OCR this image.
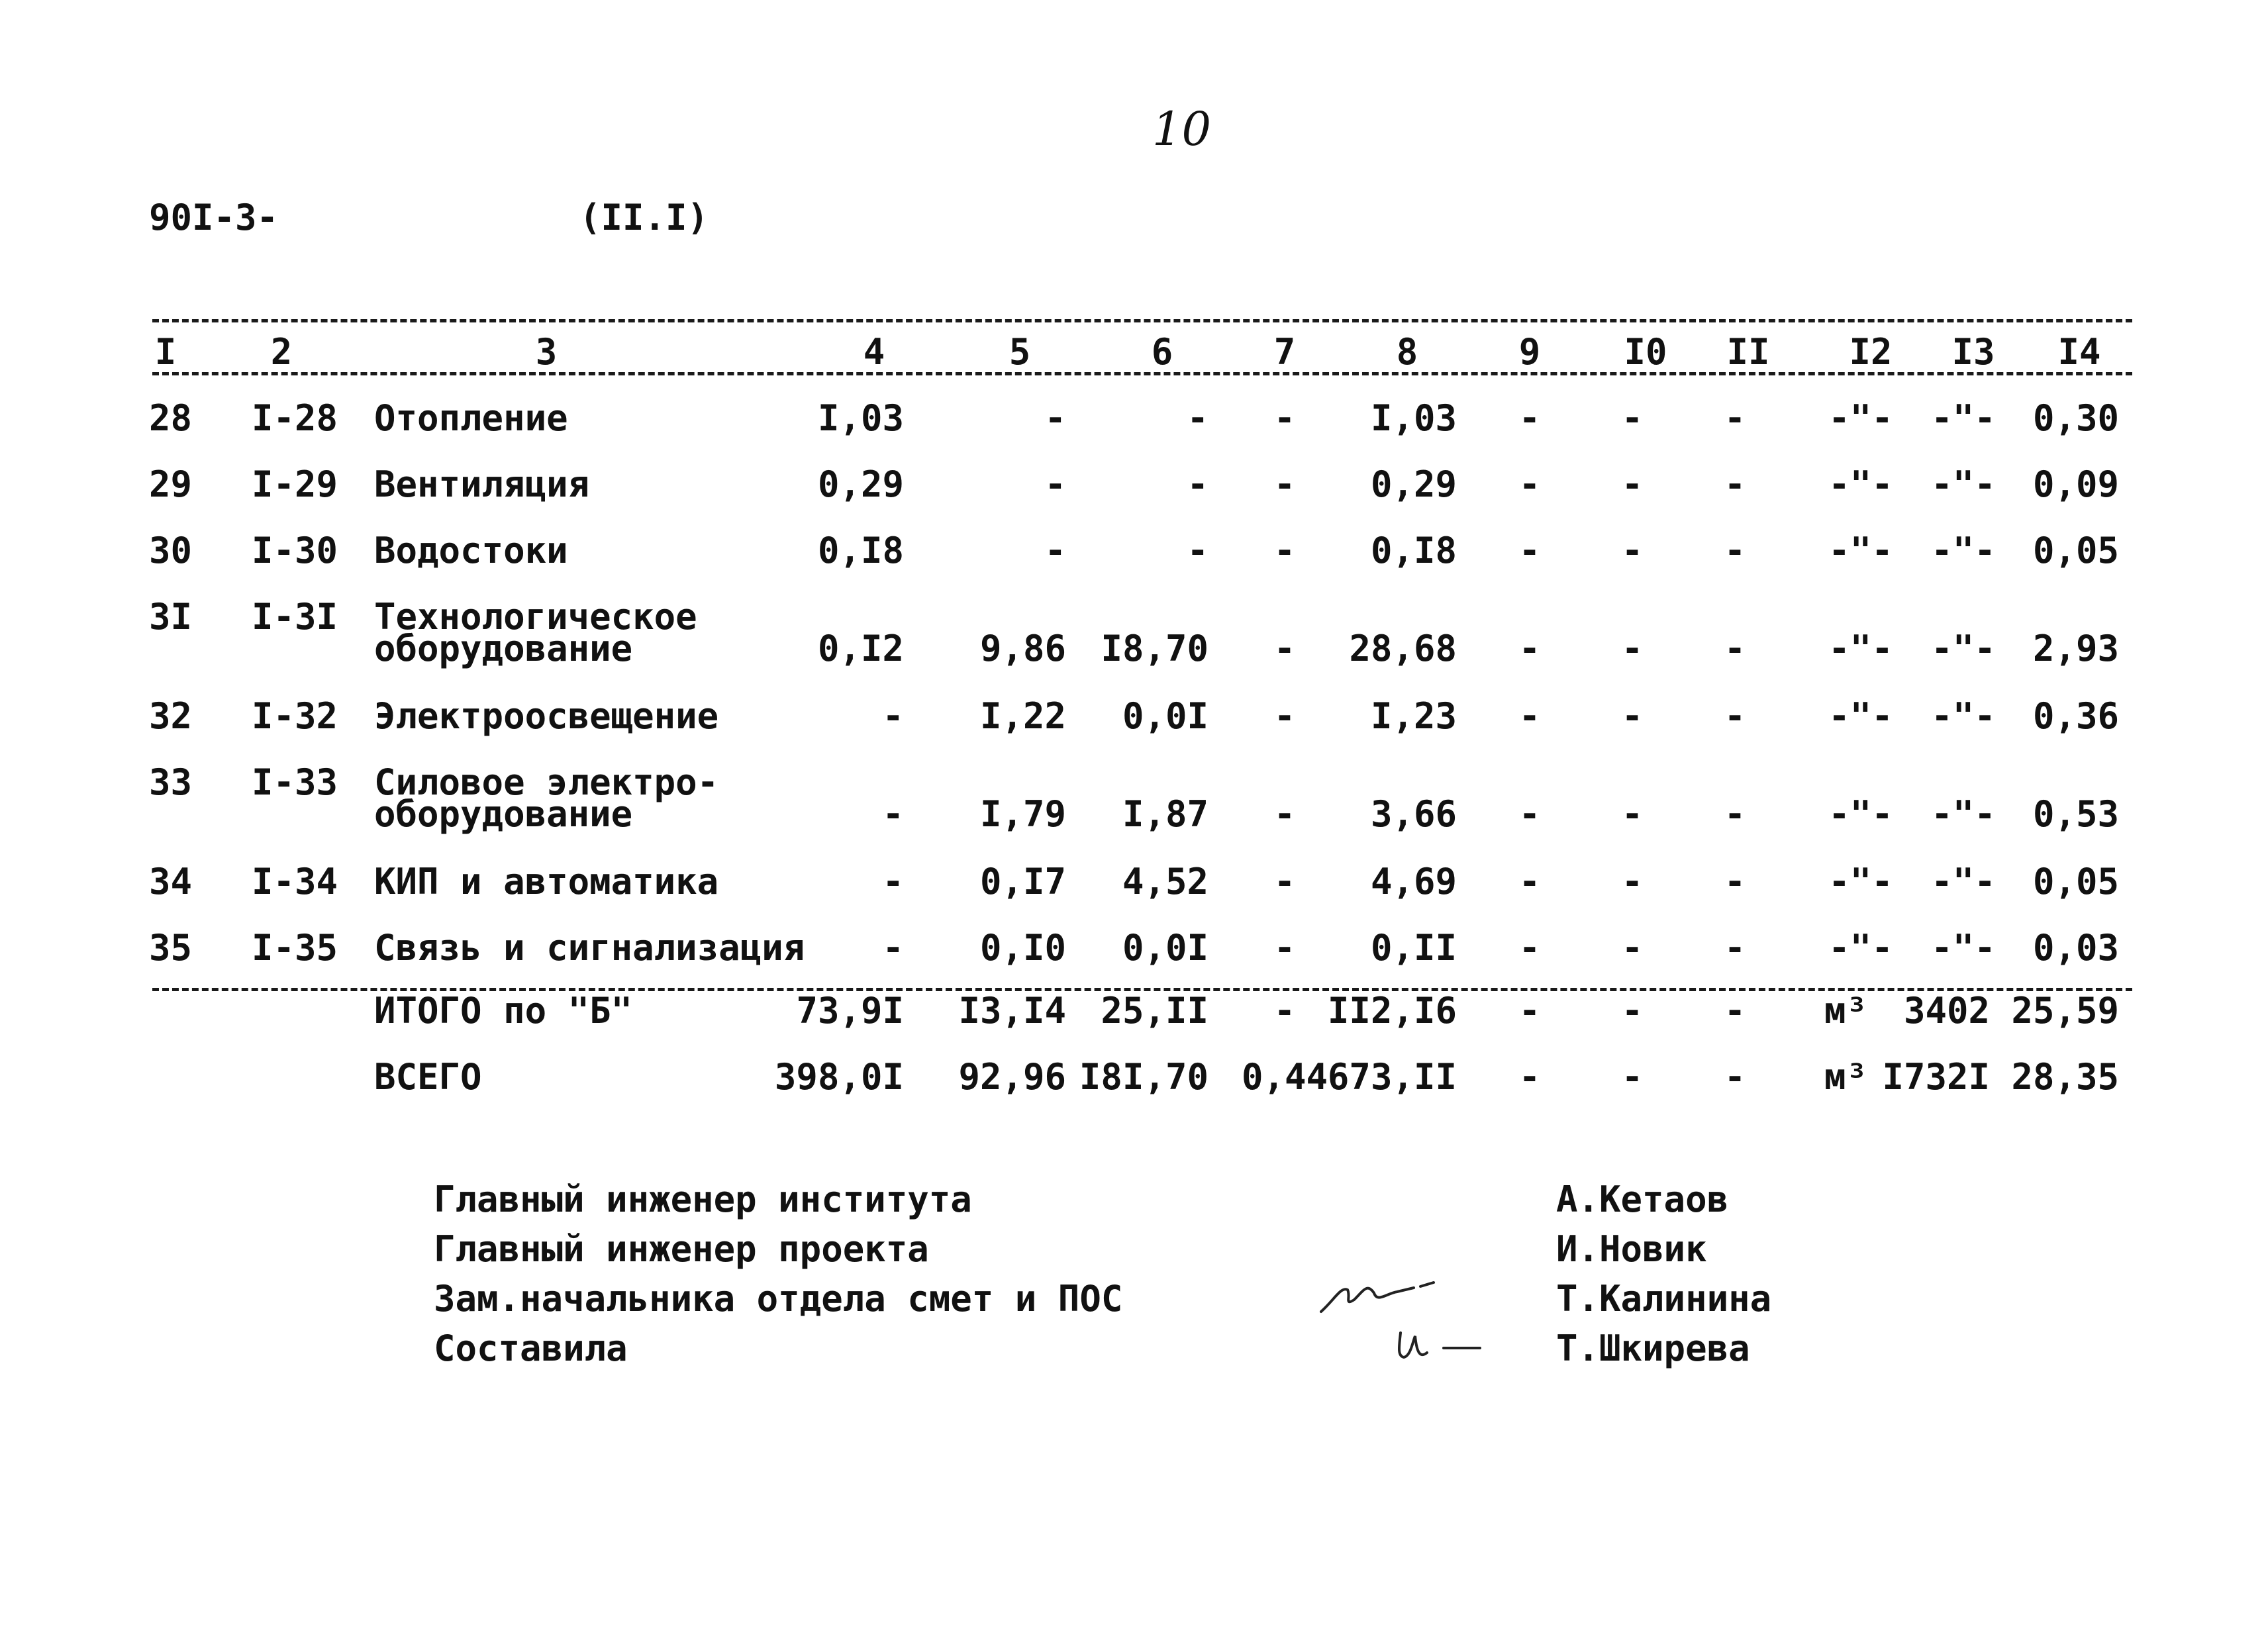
10
90I-3-	(II.I)
I	2	3	4	5	6	7	8	9 I0 II I2 I3 I4
28 I-28 Отопление	I,03	-	- - I,03 - - - -"- -"- 0,30
29 I-29 Вентиляция	0,29	-	- - 0,29 - - - -"- -"- 0,09
30 I-30 Водостоки	0,I8	-	- - 0,I8 - - - -"- -"- 0,05
3I I-3I Технологическое
оборудование	0,I2 9,86 I8,70 - 28,68 - - - -"- -"- 2,93
32 I-32 Электроосвещение	- I,22 0,0I - I,23 - - - -"- -"- 0,36
33 I-33 Силовое электро-
оборудование	- I,79 I,87 - 3,66 - - - -"- -"- 0,53
34 I-34 КИП и автоматика	- 0,I7 4,52 - 4,69 - - - -"- -"- 0,05
35 I-35 Связь и сигнализация - 0,I0 0,0I - 0,II - - - -"- -"- 0,03
ИТОГО по "Б"	73,9I I3,I4 25,II - II2,I6 - - - м³ 3402 25,59
ВСЕГО	398,0I 92,96 I8I,70 0,44 673,II - - - м³ I732I 28,35
Главный инженер института	А.Кетаов
Главный инженер проекта	И.Новик
Зам.начальника отдела смет и ПОС	Т.Калинина
Составила	Т.Шкирева
